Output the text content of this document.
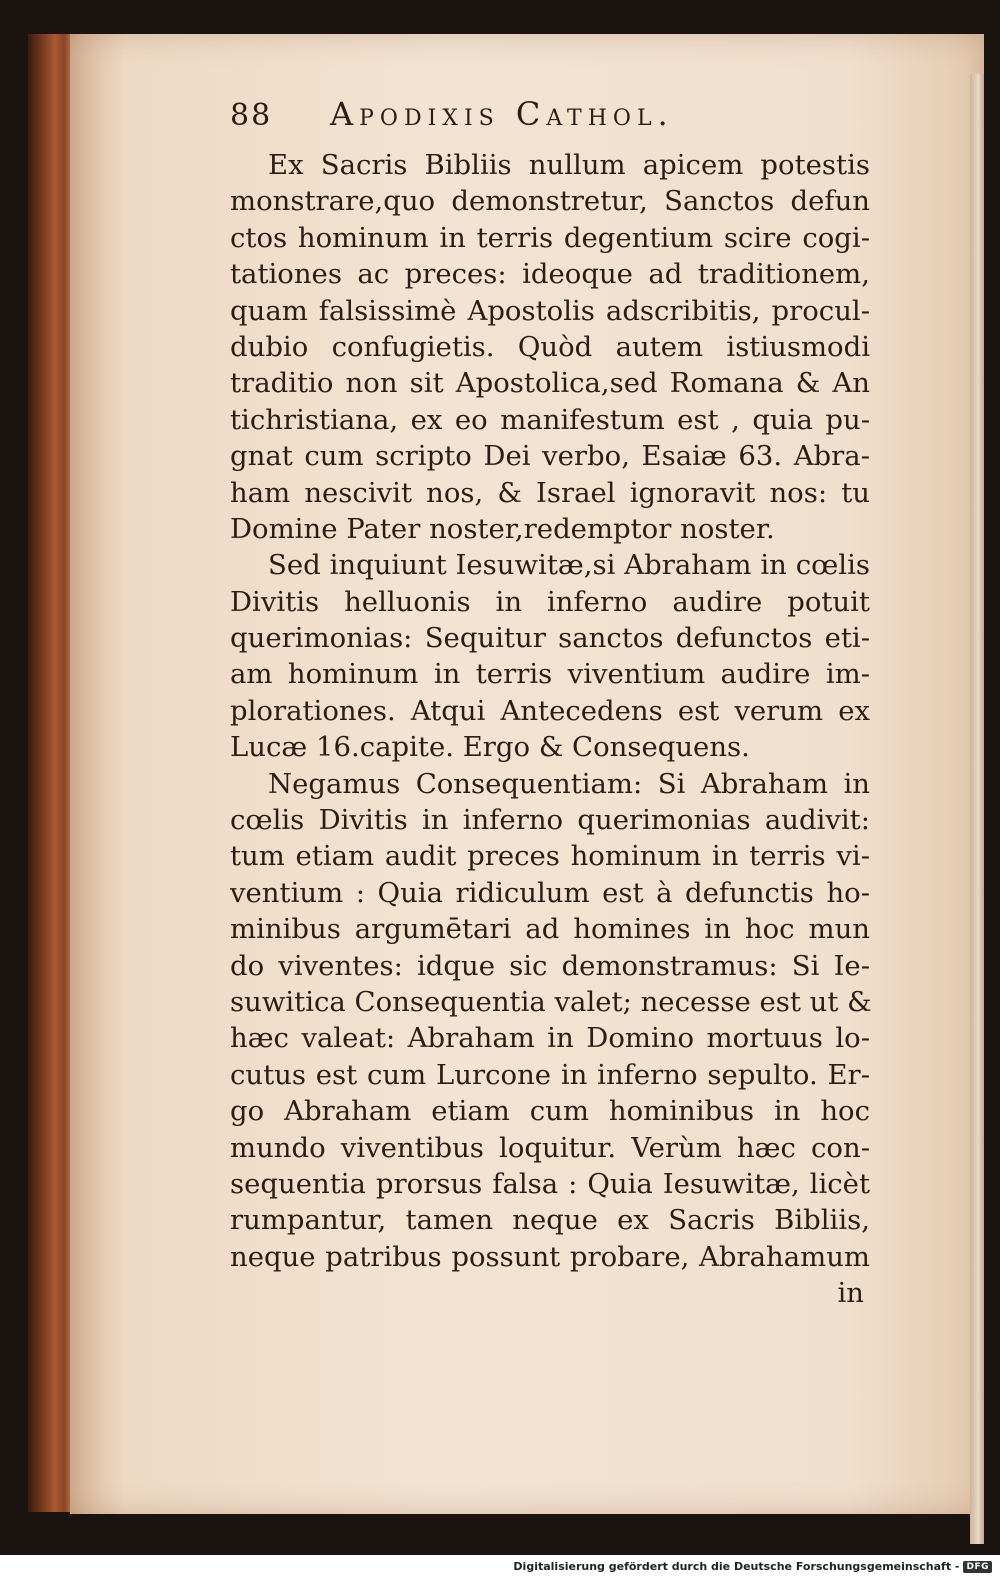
88	Apodixis Cathol.
Ex Sacris Bibliis nullum apicem potestis
monstrare,quo demonstretur, Sanctos defun
ctos hominum in terris degentium scire cogi-
tationes ac preces: ideoque ad traditionem,
quam falsissimè Apostolis adscribitis, procul-
dubio confugietis. Quòd autem istiusmodi
traditio non sit Apostolica,sed Romana & An
tichristiana, ex eo manifestum est , quia pu-
gnat cum scripto Dei verbo, Esaiæ 63. Abra-
ham nescivit nos, & Israel ignoravit nos: tu
Domine Pater noster,redemptor noster.
Sed inquiunt Iesuwitæ,si Abraham in cœlis
Divitis helluonis in inferno audire potuit
querimonias: Sequitur sanctos defunctos eti-
am hominum in terris viventium audire im-
plorationes. Atqui Antecedens est verum ex
Lucæ 16.capite. Ergo & Consequens.
Negamus Consequentiam: Si Abraham in
cœlis Divitis in inferno querimonias audivit:
tum etiam audit preces hominum in terris vi-
ventium : Quia ridiculum est à defunctis ho-
minibus argumētari ad homines in hoc mun
do viventes: idque sic demonstramus: Si Ie-
suwitica Consequentia valet; necesse est ut &
hæc valeat: Abraham in Domino mortuus lo-
cutus est cum Lurcone in inferno sepulto. Er-
go Abraham etiam cum hominibus in hoc
mundo viventibus loquitur. Verùm hæc con-
sequentia prorsus falsa : Quia Iesuwitæ, licèt
rumpantur, tamen neque ex Sacris Bibliis,
neque patribus possunt probare, Abrahamum
in
Digitalisierung gefördert durch die Deutsche Forschungsgemeinschaft - DFG
